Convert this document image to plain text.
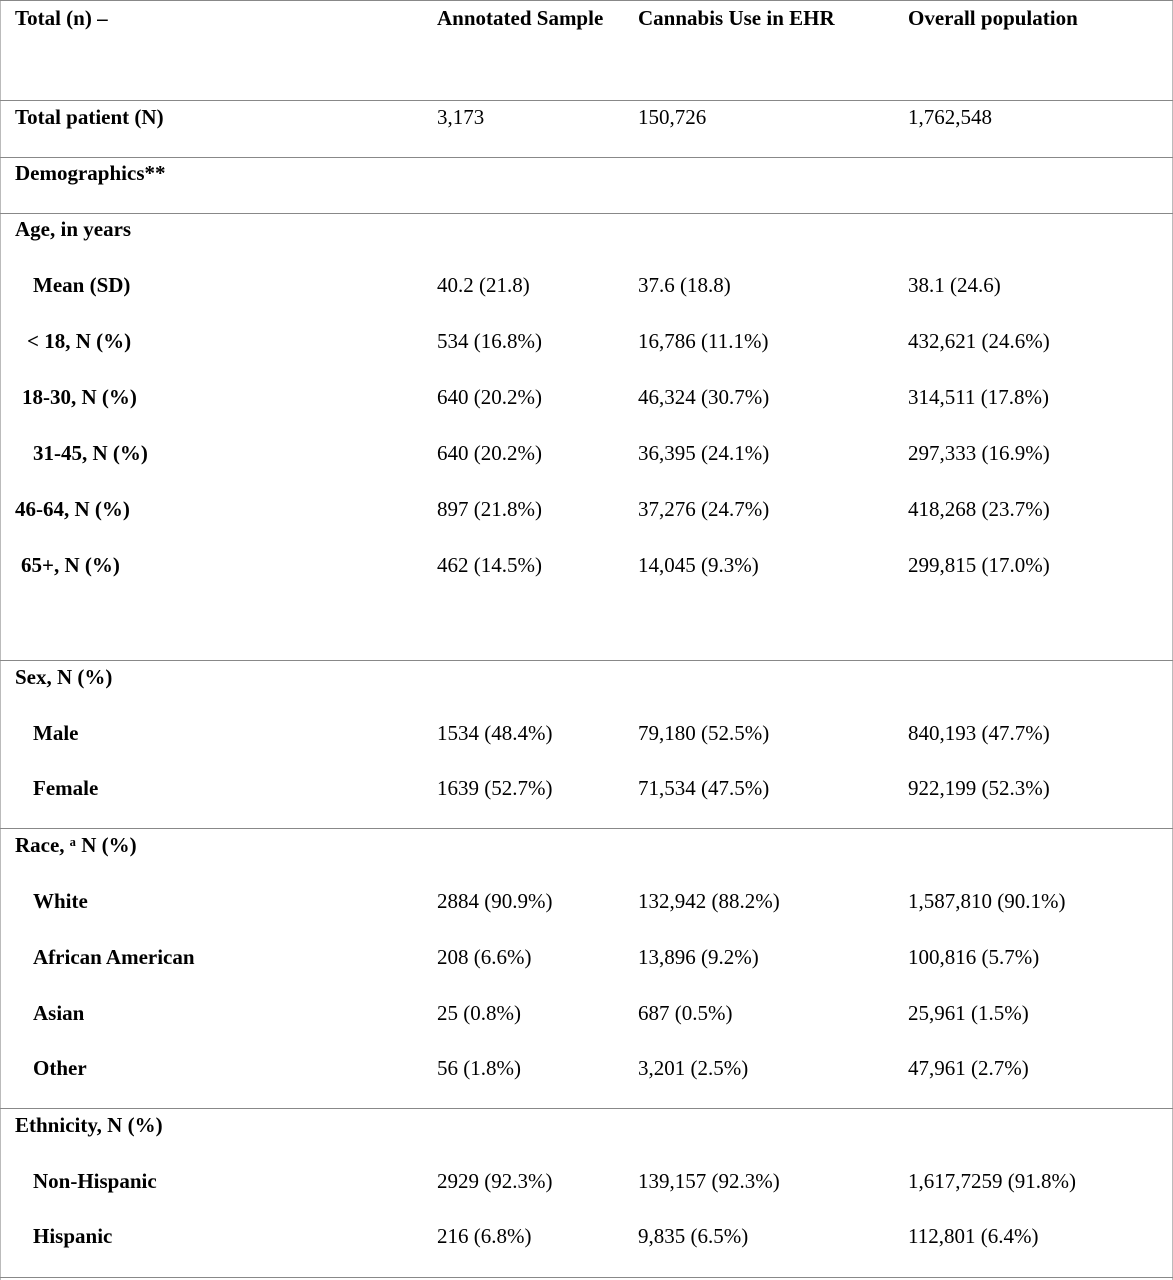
Total (n) –	Annotated Sample	Cannabis Use in EHR	Overall population
Total patient (N)	3,173	150,726	1,762,548
Demographics**
Age, in years
Mean (SD)	40.2 (21.8)	37.6 (18.8)	38.1 (24.6)
< 18, N (%)	534 (16.8%)	16,786 (11.1%)	432,621 (24.6%)
18-30, N (%)	640 (20.2%)	46,324 (30.7%)	314,511 (17.8%)
31-45, N (%)	640 (20.2%)	36,395 (24.1%)	297,333 (16.9%)
46-64, N (%)	897 (21.8%)	37,276 (24.7%)	418,268 (23.7%)
65+, N (%)	462 (14.5%)	14,045 (9.3%)	299,815 (17.0%)
Sex, N (%)
Male	1534 (48.4%)	79,180 (52.5%)	840,193 (47.7%)
Female	1639 (52.7%)	71,534 (47.5%)	922,199 (52.3%)
Race, ᵃ N (%)
White	2884 (90.9%)	132,942 (88.2%)	1,587,810 (90.1%)
African American	208 (6.6%)	13,896 (9.2%)	100,816 (5.7%)
Asian	25 (0.8%)	687 (0.5%)	25,961 (1.5%)
Other	56 (1.8%)	3,201 (2.5%)	47,961 (2.7%)
Ethnicity, N (%)
Non-Hispanic	2929 (92.3%)	139,157 (92.3%)	1,617,7259 (91.8%)
Hispanic	216 (6.8%)	9,835 (6.5%)	112,801 (6.4%)
